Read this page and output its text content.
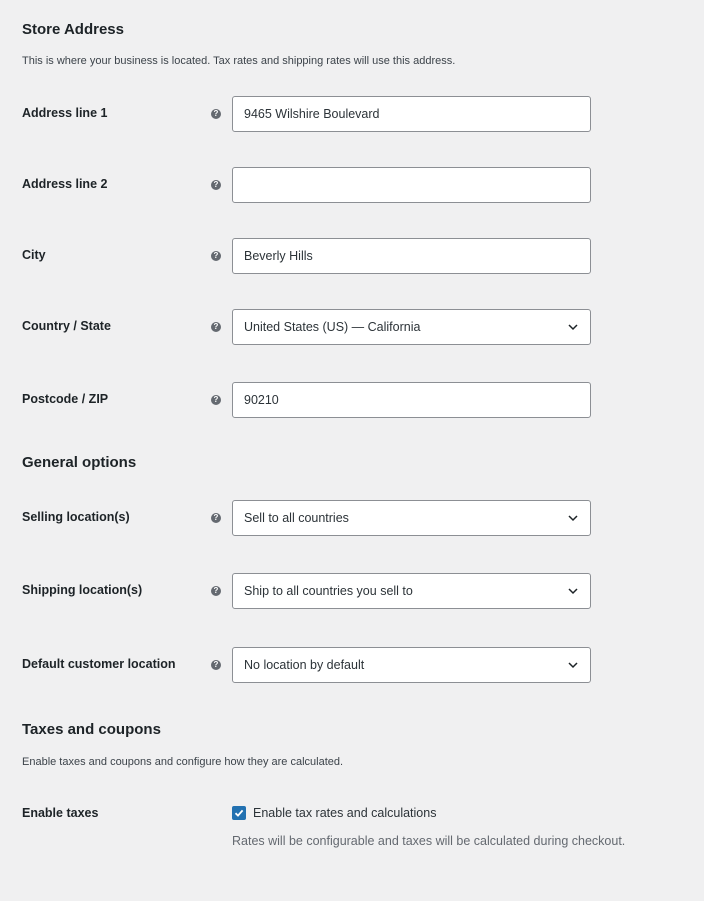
Store Address
This is where your business is located. Tax rates and shipping rates will use this address.
Address line 1	? 9465 Wilshire Boulevard
Address line 2	?
City	? Beverly Hills
Country / State	? United States (US) — California
Postcode / ZIP	? 90210
General options
Selling location(s)	? Sell to all countries
Shipping location(s)	? Ship to all countries you sell to
Default customer location	? No location by default
Taxes and coupons
Enable taxes and coupons and configure how they are calculated.
Enable taxes	Enable tax rates and calculations
Rates will be configurable and taxes will be calculated during checkout.
